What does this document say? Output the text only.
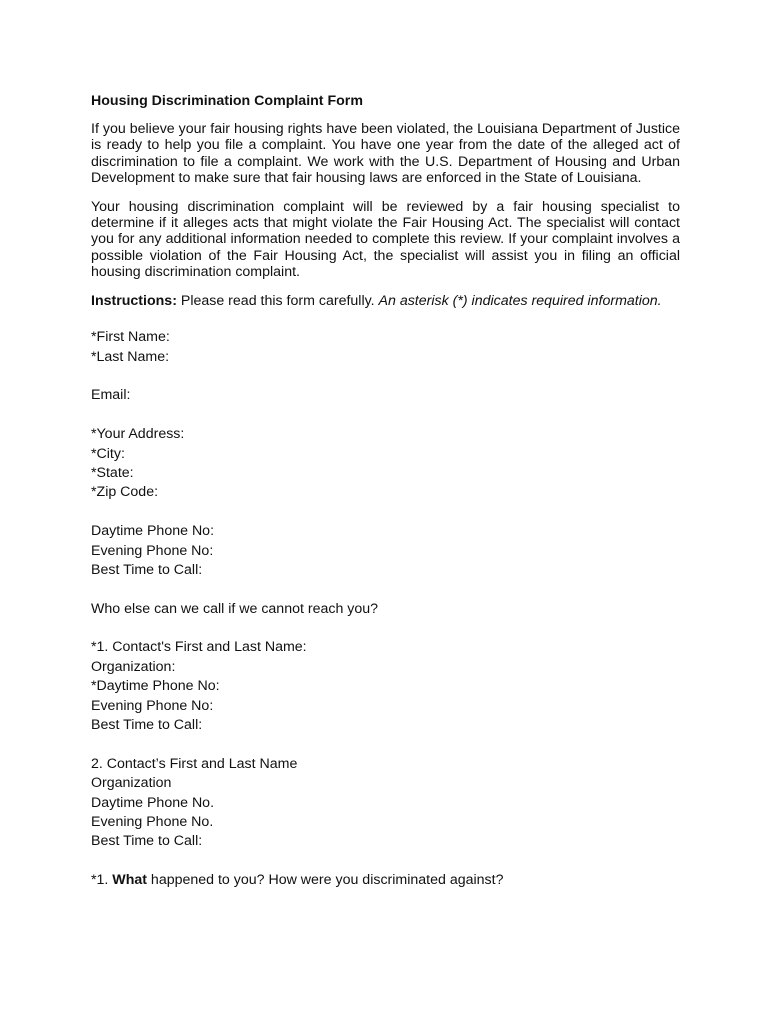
Housing Discrimination Complaint Form

If you believe your fair housing rights have been violated, the Louisiana Department of Justice is ready to help you file a complaint. You have one year from the date of the alleged act of discrimination to file a complaint. We work with the U.S. Department of Housing and Urban Development to make sure that fair housing laws are enforced in the State of Louisiana.

Your housing discrimination complaint will be reviewed by a fair housing specialist to determine if it alleges acts that might violate the Fair Housing Act. The specialist will contact you for any additional information needed to complete this review. If your complaint involves a possible violation of the Fair Housing Act, the specialist will assist you in filing an official housing discrimination complaint.

Instructions: Please read this form carefully. An asterisk (*) indicates required information.

*First Name:
*Last Name:
Email:
*Your Address:
*City:
*State:
*Zip Code:
Daytime Phone No:
Evening Phone No:
Best Time to Call:
Who else can we call if we cannot reach you?
*1. Contact's First and Last Name:
Organization:
*Daytime Phone No:
Evening Phone No:
Best Time to Call:
2. Contact’s First and Last Name
Organization
Daytime Phone No.
Evening Phone No.
Best Time to Call:
*1. What happened to you? How were you discriminated against?
